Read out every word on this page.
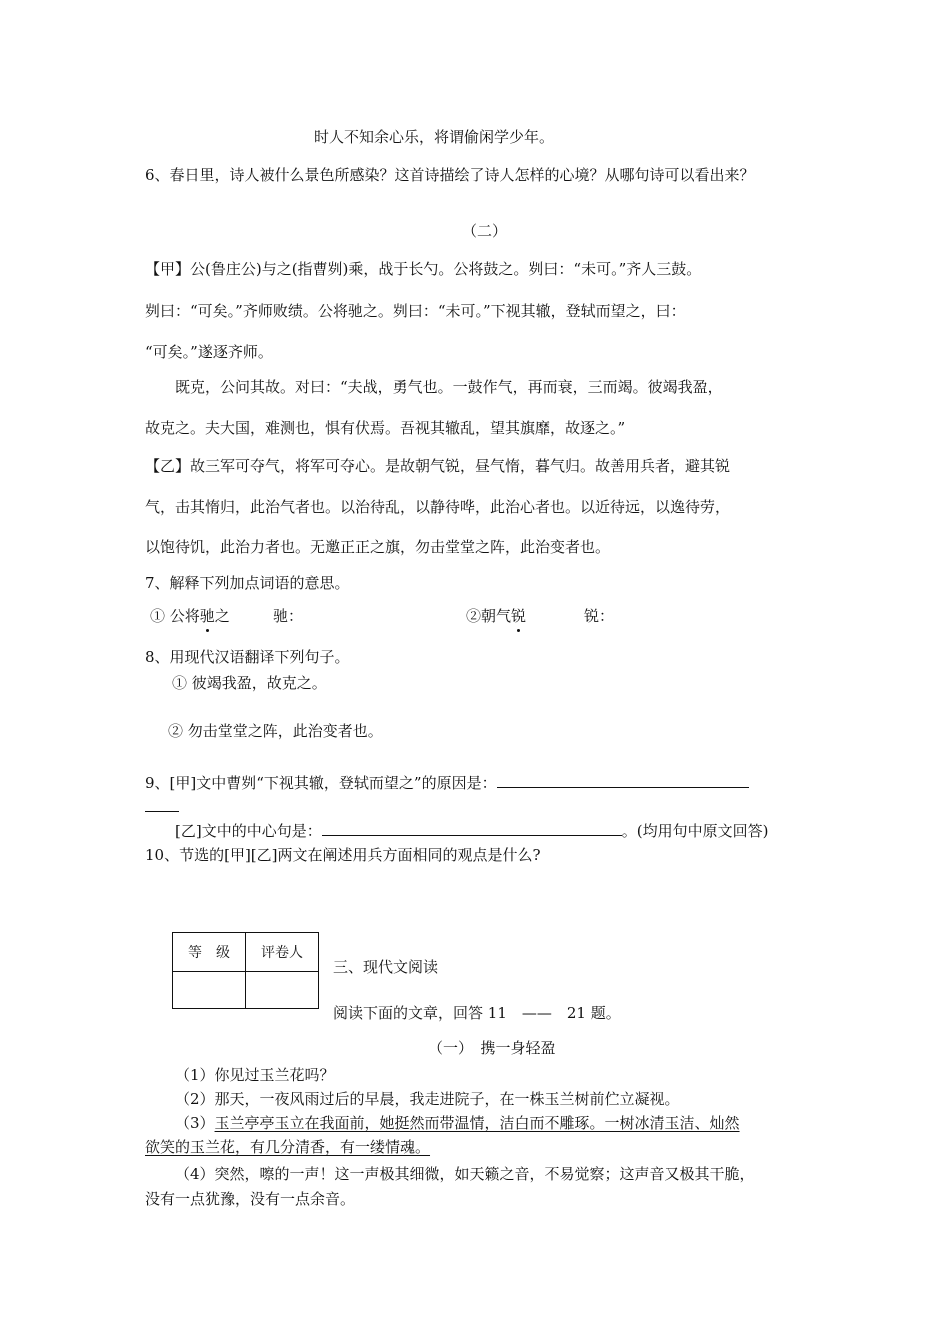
时人不知余心乐，将谓偷闲学少年。
6、春日里，诗人被什么景色所感染？这首诗描绘了诗人怎样的心境？从哪句诗可以看出来？
（二）
【甲】公(鲁庄公)与之(指曹刿)乘，战于长勺。公将鼓之。刿曰：“未可。”齐人三鼓。
刿曰：“可矣。”齐师败绩。公将驰之。刿曰：“未可。”下视其辙，登轼而望之，曰：
“可矣。”遂逐齐师。
既克，公问其故。对曰：“夫战，勇气也。一鼓作气，再而衰，三而竭。彼竭我盈，
故克之。夫大国，难测也，惧有伏焉。吾视其辙乱，望其旗靡，故逐之。”
【乙】故三军可夺气，将军可夺心。是故朝气锐，昼气惰，暮气归。故善用兵者，避其锐
气，击其惰归，此治气者也。以治待乱，以静待哗，此治心者也。以近待远，以逸待劳，
以饱待饥，此治力者也。无邀正正之旗，勿击堂堂之阵，此治变者也。
7、解释下列加点词语的意思。
① 公将驰之	驰：	②朝气锐	锐：
8、用现代汉语翻译下列句子。
① 彼竭我盈，故克之。
② 勿击堂堂之阵，此治变者也。
9、[甲]文中曹刿“下视其辙，登轼而望之”的原因是：
[乙]文中的中心句是：	。(均用句中原文回答)
10、节选的[甲][乙]两文在阐述用兵方面相同的观点是什么?
等　级	评卷人

三、现代文阅读
阅读下面的文章，回答 11　——　21 题。
（一）　携一身轻盈
（1）你见过玉兰花吗？
（2）那天，一夜风雨过后的早晨，我走进院子，在一株玉兰树前伫立凝视。
（3）玉兰亭亭玉立在我面前，她挺然而带温情，洁白而不雕琢。一树冰清玉洁、灿然
欲笑的玉兰花，有几分清香，有一缕情魂。
（4）突然，嚓的一声！这一声极其细微，如天籁之音，不易觉察；这声音又极其干脆，
没有一点犹豫，没有一点余音。
